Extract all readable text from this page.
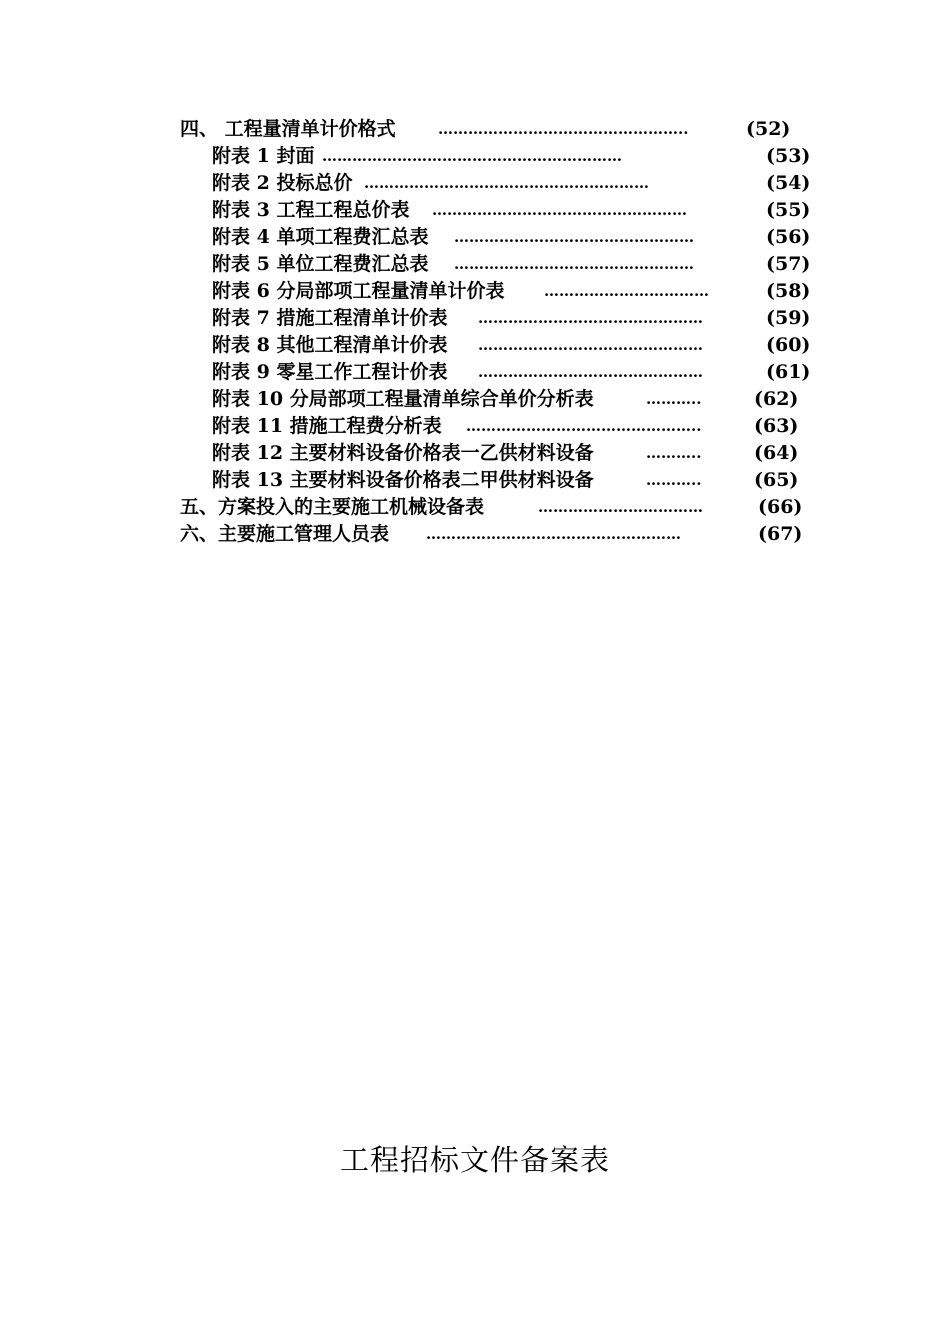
四、 工程量清单计价格式	…………………………………………..	(52)
附表 1 封面 ……………………………………………………	(53)
附表 2 投标总价 …………………………………………………	(54)
附表 3 工程工程总价表 ……………………………………………	(55)
附表 4 单项工程费汇总表 …………………………………………	(56)
附表 5 单位工程费汇总表 …………………………………………	(57)
附表 6 分局部项工程量清单计价表	……………………………	(58)
附表 7 措施工程清单计价表 ………………………………………	(59)
附表 8 其他工程清单计价表 ………………………………………	(60)
附表 9 零星工作工程计价表 ………………………………………	(61)
附表 10 分局部项工程量清单综合单价分析表	………..	(62)
附表 11 措施工程费分析表 ………………………………………..	(63)
附表 12 主要材料设备价格表一乙供材料设备	………..	(64)
附表 13 主要材料设备价格表二甲供材料设备	………..	(65)
五、方案投入的主要施工机械设备表	……………………………	(66)
六、主要施工管理人员表 ……………………………………………	(67)
工程招标文件备案表
